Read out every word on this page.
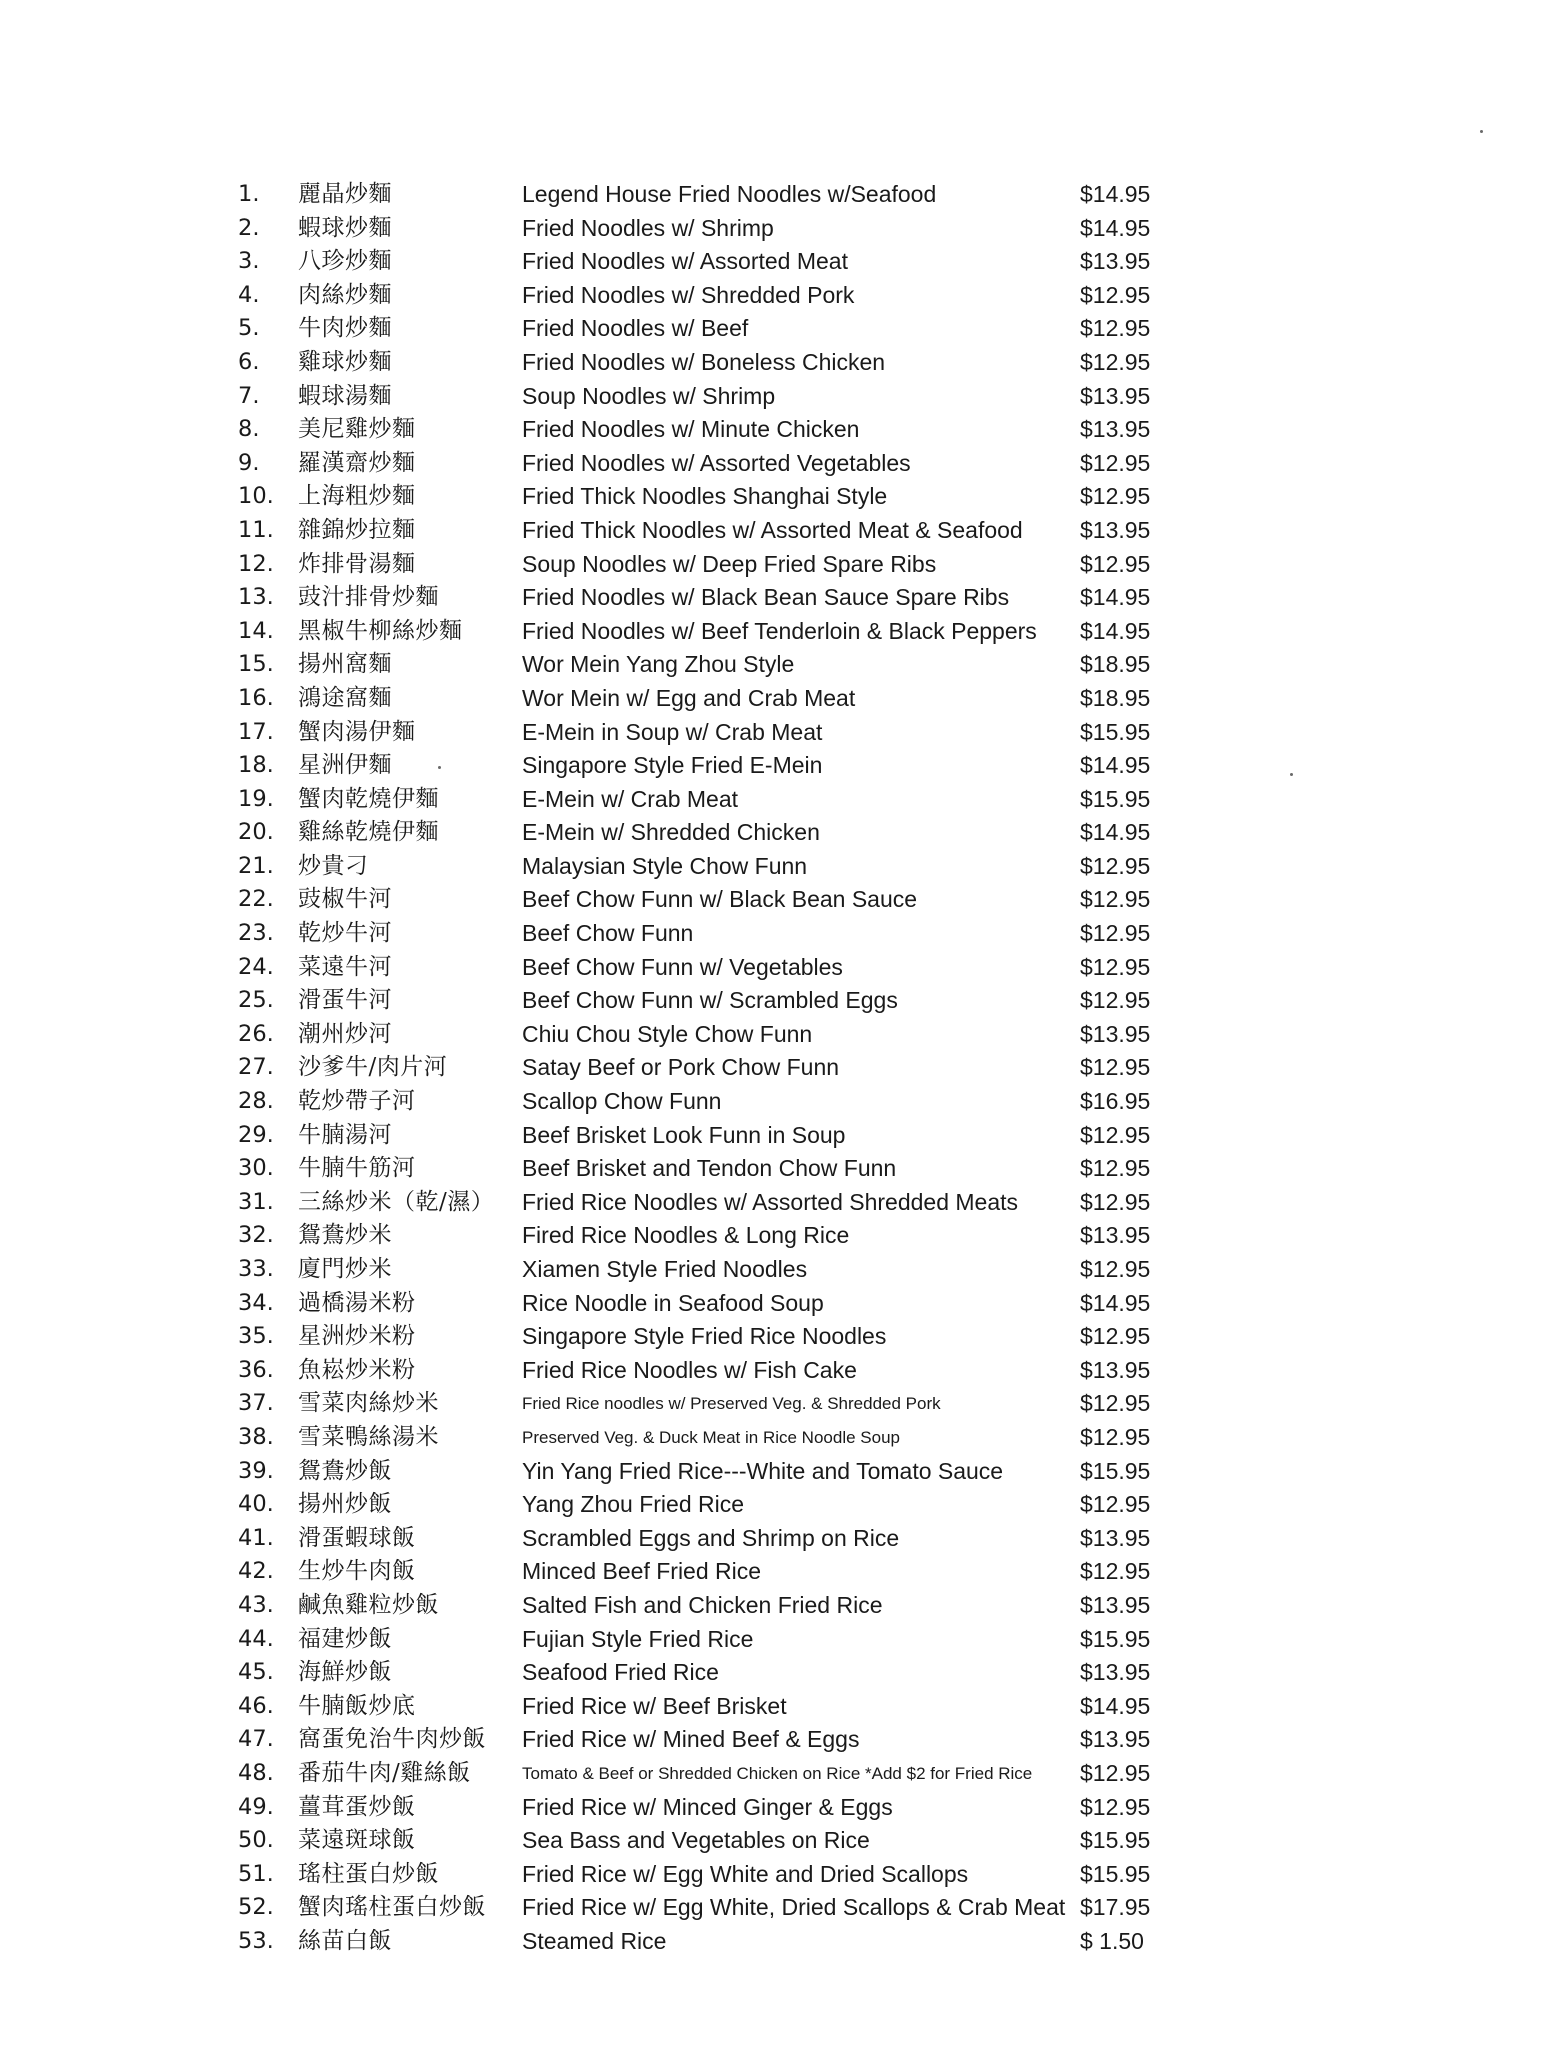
1.	麗晶炒麵	Legend House Fried Noodles w/Seafood	$14.95
2.	蝦球炒麵	Fried Noodles w/ Shrimp	$14.95
3.	八珍炒麵	Fried Noodles w/ Assorted Meat	$13.95
4.	肉絲炒麵	Fried Noodles w/ Shredded Pork	$12.95
5.	牛肉炒麵	Fried Noodles w/ Beef	$12.95
6.	雞球炒麵	Fried Noodles w/ Boneless Chicken	$12.95
7.	蝦球湯麵	Soup Noodles w/ Shrimp	$13.95
8.	美尼雞炒麵	Fried Noodles w/ Minute Chicken	$13.95
9.	羅漢齋炒麵	Fried Noodles w/ Assorted Vegetables	$12.95
10.	上海粗炒麵	Fried Thick Noodles Shanghai Style	$12.95
11.	雜錦炒拉麵	Fried Thick Noodles w/ Assorted Meat & Seafood $13.95
12.	炸排骨湯麵	Soup Noodles w/ Deep Fried Spare Ribs	$12.95
13.	豉汁排骨炒麵	Fried Noodles w/ Black Bean Sauce Spare Ribs	$14.95
14.	黑椒牛柳絲炒麵	Fried Noodles w/ Beef Tenderloin & Black Peppers $14.95
15.	揚州窩麵	Wor Mein Yang Zhou Style	$18.95
16.	鴻途窩麵	Wor Mein w/ Egg and Crab Meat	$18.95
17.	蟹肉湯伊麵	E-Mein in Soup w/ Crab Meat	$15.95
18.	星洲伊麵	Singapore Style Fried E-Mein	$14.95
19.	蟹肉乾燒伊麵	E-Mein w/ Crab Meat	$15.95
20.	雞絲乾燒伊麵	E-Mein w/ Shredded Chicken	$14.95
21.	炒貴刁	Malaysian Style Chow Funn	$12.95
22.	豉椒牛河	Beef Chow Funn w/ Black Bean Sauce	$12.95
23.	乾炒牛河	Beef Chow Funn	$12.95
24.	菜遠牛河	Beef Chow Funn w/ Vegetables	$12.95
25.	滑蛋牛河	Beef Chow Funn w/ Scrambled Eggs	$12.95
26.	潮州炒河	Chiu Chou Style Chow Funn	$13.95
27.	沙爹牛/肉片河	Satay Beef or Pork Chow Funn	$12.95
28.	乾炒帶子河	Scallop Chow Funn	$16.95
29.	牛腩湯河	Beef Brisket Look Funn in Soup	$12.95
30.	牛腩牛筋河	Beef Brisket and Tendon Chow Funn	$12.95
31.	三絲炒米（乾/濕） Fried Rice Noodles w/ Assorted Shredded Meats	$12.95
32.	鴛鴦炒米	Fired Rice Noodles & Long Rice	$13.95
33.	廈門炒米	Xiamen Style Fried Noodles	$12.95
34.	過橋湯米粉	Rice Noodle in Seafood Soup	$14.95
35.	星洲炒米粉	Singapore Style Fried Rice Noodles	$12.95
36.	魚崧炒米粉	Fried Rice Noodles w/ Fish Cake	$13.95
37.	雪菜肉絲炒米	Fried Rice noodles w/ Preserved Veg. & Shredded Pork	$12.95
38.	雪菜鴨絲湯米	Preserved Veg. & Duck Meat in Rice Noodle Soup	$12.95
39.	鴛鴦炒飯	Yin Yang Fried Rice---White and Tomato Sauce	$15.95
40.	揚州炒飯	Yang Zhou Fried Rice	$12.95
41.	滑蛋蝦球飯	Scrambled Eggs and Shrimp on Rice	$13.95
42.	生炒牛肉飯	Minced Beef Fried Rice	$12.95
43.	鹹魚雞粒炒飯	Salted Fish and Chicken Fried Rice	$13.95
44.	福建炒飯	Fujian Style Fried Rice	$15.95
45.	海鮮炒飯	Seafood Fried Rice	$13.95
46.	牛腩飯炒底	Fried Rice w/ Beef Brisket	$14.95
47.	窩蛋免治牛肉炒飯 Fried Rice w/ Mined Beef & Eggs	$13.95
48.	番茄牛肉/雞絲飯	Tomato & Beef or Shredded Chicken on Rice *Add $2 for Fried Rice $12.95
49.	薑茸蛋炒飯	Fried Rice w/ Minced Ginger & Eggs	$12.95
50.	菜遠斑球飯	Sea Bass and Vegetables on Rice	$15.95
51.	瑤柱蛋白炒飯	Fried Rice w/ Egg White and Dried Scallops	$15.95
52.	蟹肉瑤柱蛋白炒飯 Fried Rice w/ Egg White, Dried Scallops & Crab Meat $17.95
53.	絲苗白飯	Steamed Rice	$ 1.50
